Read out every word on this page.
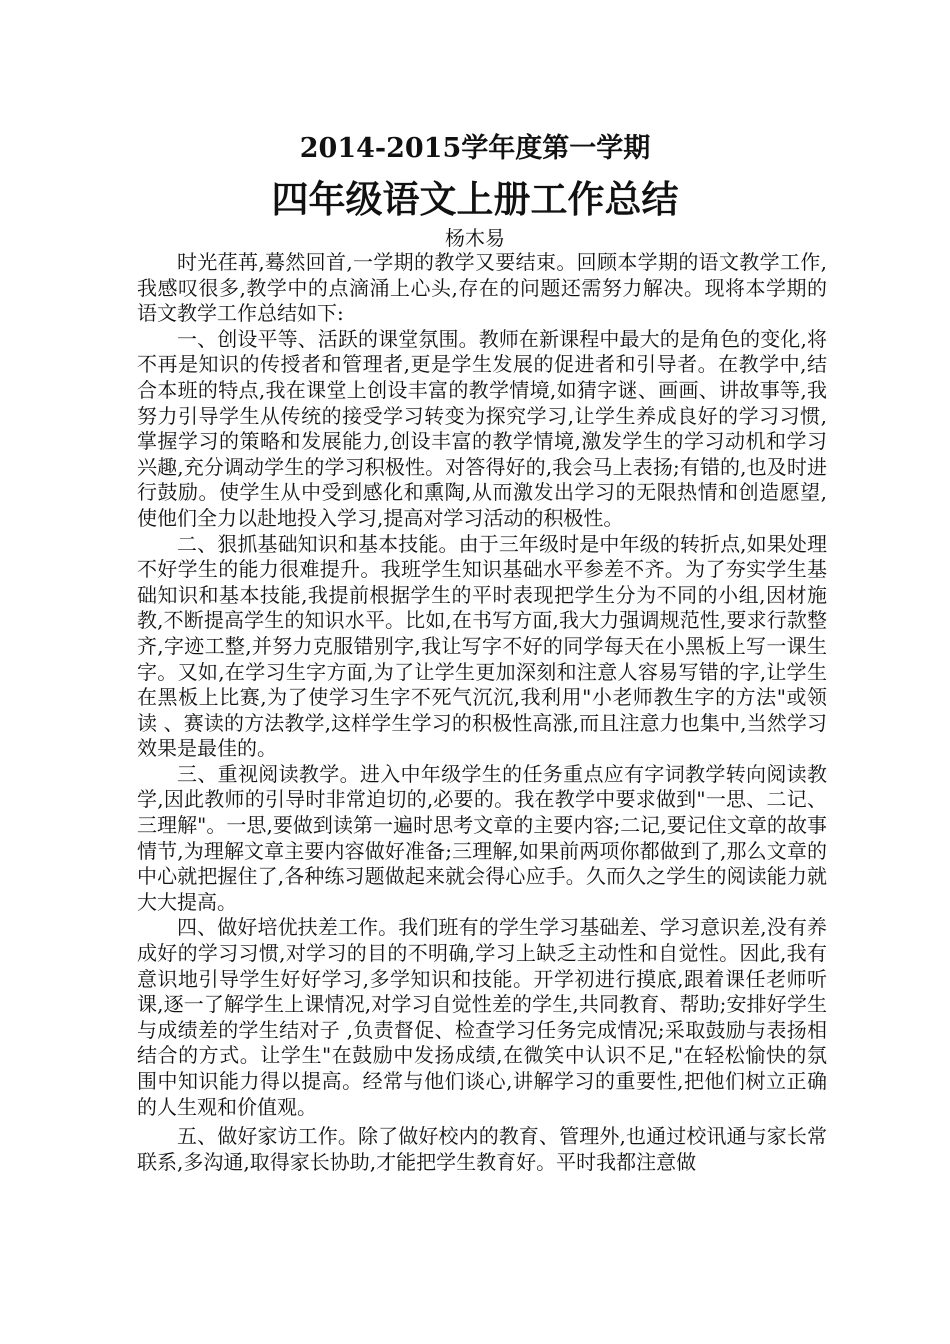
2014-2015学年度第一学期
四年级语文上册工作总结
杨木易

时光荏苒,蓦然回首,一学期的教学又要结束。回顾本学期的语文教学工作,我感叹很多,教学中的点滴涌上心头,存在的问题还需努力解决。现将本学期的语文教学工作总结如下:

一、创设平等、活跃的课堂氛围。教师在新课程中最大的是角色的变化,将不再是知识的传授者和管理者,更是学生发展的促进者和引导者。在教学中,结合本班的特点,我在课堂上创设丰富的教学情境,如猜字谜、画画、讲故事等,我努力引导学生从传统的接受学习转变为探究学习,让学生养成良好的学习习惯,掌握学习的策略和发展能力,创设丰富的教学情境,激发学生的学习动机和学习兴趣,充分调动学生的学习积极性。对答得好的,我会马上表扬;有错的,也及时进行鼓励。使学生从中受到感化和熏陶,从而激发出学习的无限热情和创造愿望,使他们全力以赴地投入学习,提高对学习活动的积极性。

二、狠抓基础知识和基本技能。由于三年级时是中年级的转折点,如果处理不好学生的能力很难提升。我班学生知识基础水平参差不齐。为了夯实学生基础知识和基本技能,我提前根据学生的平时表现把学生分为不同的小组,因材施教,不断提高学生的知识水平。比如,在书写方面,我大力强调规范性,要求行款整齐,字迹工整,并努力克服错别字,我让写字不好的同学每天在小黑板上写一课生字。又如,在学习生字方面,为了让学生更加深刻和注意人容易写错的字,让学生在黑板上比赛,为了使学习生字不死气沉沉,我利用"小老师教生字的方法"或领读 、赛读的方法教学,这样学生学习的积极性高涨,而且注意力也集中,当然学习效果是最佳的。

三、重视阅读教学。进入中年级学生的任务重点应有字词教学转向阅读教学,因此教师的引导时非常迫切的,必要的。我在教学中要求做到"一思、二记、三理解"。一思,要做到读第一遍时思考文章的主要内容;二记,要记住文章的故事情节,为理解文章主要内容做好准备;三理解,如果前两项你都做到了,那么文章的中心就把握住了,各种练习题做起来就会得心应手。久而久之学生的阅读能力就大大提高。

四、做好培优扶差工作。我们班有的学生学习基础差、学习意识差,没有养成好的学习习惯,对学习的目的不明确,学习上缺乏主动性和自觉性。因此,我有意识地引导学生好好学习,多学知识和技能。开学初进行摸底,跟着课任老师听课,逐一了解学生上课情况,对学习自觉性差的学生,共同教育、帮助;安排好学生与成绩差的学生结对子 ,负责督促、检查学习任务完成情况;采取鼓励与表扬相结合的方式。让学生"在鼓励中发扬成绩,在微笑中认识不足,"在轻松愉快的氛围中知识能力得以提高。经常与他们谈心,讲解学习的重要性,把他们树立正确的人生观和价值观。

五、做好家访工作。除了做好校内的教育、管理外,也通过校讯通与家长常联系,多沟通,取得家长协助,才能把学生教育好。平时我都注意做
